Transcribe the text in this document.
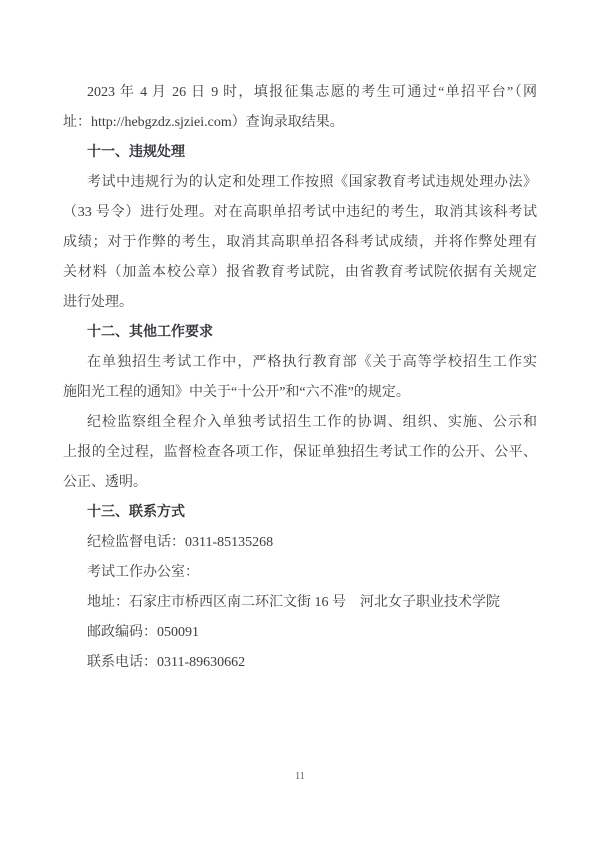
2023 年 4 月 26 日 9 时，填报征集志愿的考生可通过“单招平台”（网
址：http://hebgzdz.sjziei.com）查询录取结果。
十一、违规处理
考试中违规行为的认定和处理工作按照《国家教育考试违规处理办法》
（33 号令）进行处理。对在高职单招考试中违纪的考生，取消其该科考试
成绩；对于作弊的考生，取消其高职单招各科考试成绩，并将作弊处理有
关材料（加盖本校公章）报省教育考试院，由省教育考试院依据有关规定
进行处理。
十二、其他工作要求
在单独招生考试工作中，严格执行教育部《关于高等学校招生工作实
施阳光工程的通知》中关于“十公开”和“六不准”的规定。
纪检监察组全程介入单独考试招生工作的协调、组织、实施、公示和
上报的全过程，监督检查各项工作，保证单独招生考试工作的公开、公平、
公正、透明。
十三、联系方式
纪检监督电话：0311-85135268
考试工作办公室：
地址：石家庄市桥西区南二环汇文街 16 号　河北女子职业技术学院
邮政编码：050091
联系电话：0311-89630662
11
